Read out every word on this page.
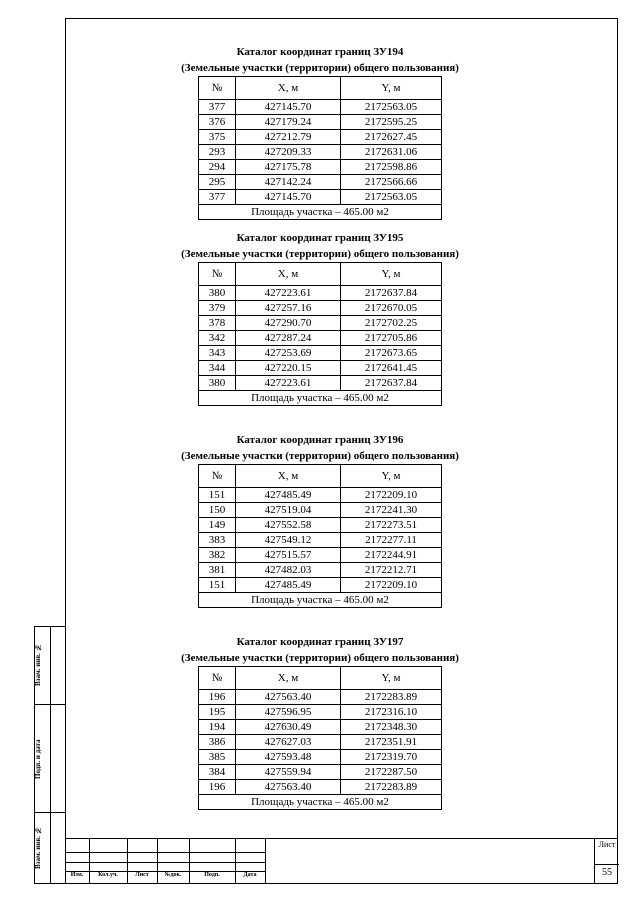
Взам. инв. №
Подп. и дата
Взам. инв. №
Каталог координат границ ЗУ194
(Земельные участки (территории) общего пользования)
№	X, м	Y, м
377	427145.70	2172563.05
376	427179.24	2172595.25
375	427212.79	2172627.45
293	427209.33	2172631.06
294	427175.78	2172598.86
295	427142.24	2172566.66
377	427145.70	2172563.05
Площадь участка – 465.00 м2		
Каталог координат границ ЗУ195
(Земельные участки (территории) общего пользования)
№	X, м	Y, м
380	427223.61	2172637.84
379	427257.16	2172670.05
378	427290.70	2172702.25
342	427287.24	2172705.86
343	427253.69	2172673.65
344	427220.15	2172641.45
380	427223.61	2172637.84
Площадь участка – 465.00 м2		
Каталог координат границ ЗУ196
(Земельные участки (территории) общего пользования)
№	X, м	Y, м
151	427485.49	2172209.10
150	427519.04	2172241.30
149	427552.58	2172273.51
383	427549.12	2172277.11
382	427515.57	2172244.91
381	427482.03	2172212.71
151	427485.49	2172209.10
Площадь участка – 465.00 м2		
Каталог координат границ ЗУ197
(Земельные участки (территории) общего пользования)
№	X, м	Y, м
196	427563.40	2172283.89
195	427596.95	2172316.10
194	427630.49	2172348.30
386	427627.03	2172351.91
385	427593.48	2172319.70
384	427559.94	2172287.50
196	427563.40	2172283.89
Площадь участка – 465.00 м2		
Изм.	Кол.уч.	Лист	№док.	Подп.	Дата
Лист
55
